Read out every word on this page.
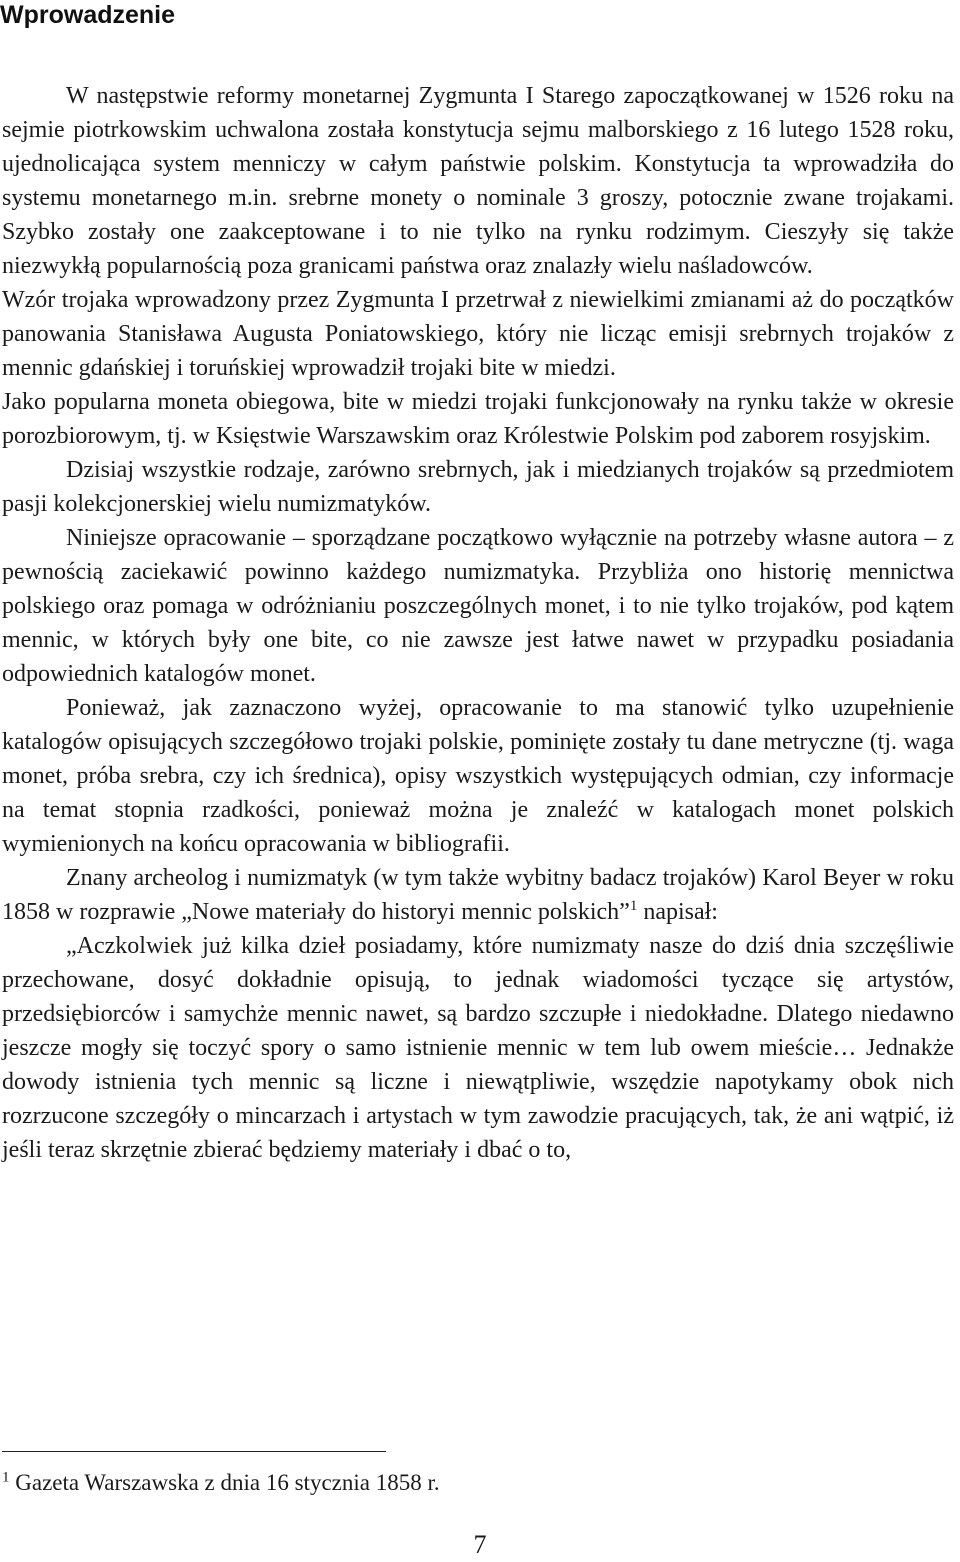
Wprowadzenie

W następstwie reformy monetarnej Zygmunta I Starego zapoczątkowanej w 1526 roku na sejmie piotrkowskim uchwalona została konstytucja sejmu malborskiego z 16 lutego 1528 roku, ujednolicająca system menniczy w całym państwie polskim. Konstytucja ta wprowadziła do systemu monetarnego m.in. srebrne monety o nominale 3 groszy, potocznie zwane trojakami. Szybko zostały one zaakceptowane i to nie tylko na rynku rodzimym. Cieszyły się także niezwykłą popularnością poza granicami państwa oraz znalazły wielu naśladowców.

Wzór trojaka wprowadzony przez Zygmunta I przetrwał z niewielkimi zmianami aż do początków panowania Stanisława Augusta Poniatowskiego, który nie licząc emisji srebrnych trojaków z mennic gdańskiej i toruńskiej wprowadził trojaki bite w miedzi.

Jako popularna moneta obiegowa, bite w miedzi trojaki funkcjonowały na rynku także w okresie porozbiorowym, tj. w Księstwie Warszawskim oraz Królestwie Polskim pod zaborem rosyjskim.

Dzisiaj wszystkie rodzaje, zarówno srebrnych, jak i miedzianych trojaków są przedmiotem pasji kolekcjonerskiej wielu numizmatyków.

Niniejsze opracowanie – sporządzane początkowo wyłącznie na potrzeby własne autora – z pewnością zaciekawić powinno każdego numizmatyka. Przybliża ono historię mennictwa polskiego oraz pomaga w odróżnianiu poszczególnych monet, i to nie tylko trojaków, pod kątem mennic, w których były one bite, co nie zawsze jest łatwe nawet w przypadku posiadania odpowiednich katalogów monet.

Ponieważ, jak zaznaczono wyżej, opracowanie to ma stanowić tylko uzupełnienie katalogów opisujących szczegółowo trojaki polskie, pominięte zostały tu dane metryczne (tj. waga monet, próba srebra, czy ich średnica), opisy wszystkich występujących odmian, czy informacje na temat stopnia rzadkości, ponieważ można je znaleźć w katalogach monet polskich wymienionych na końcu opracowania w bibliografii.

Znany archeolog i numizmatyk (w tym także wybitny badacz trojaków) Karol Beyer w roku 1858 w rozprawie „Nowe materiały do historyi mennic polskich”$^1$ napisał:

„Aczkolwiek już kilka dzieł posiadamy, które numizmaty nasze do dziś dnia szczęśliwie przechowane, dosyć dokładnie opisują, to jednak wiadomości tyczące się artystów, przedsiębiorców i samychże mennic nawet, są bardzo szczupłe i niedokładne. Dlatego niedawno jeszcze mogły się toczyć spory o samo istnienie mennic w tem lub owem mieście… Jednakże dowody istnienia tych mennic są liczne i niewątpliwie, wszędzie napotykamy obok nich rozrzucone szczegóły o mincarzach i artystach w tym zawodzie pracujących, tak, że ani wątpić, iż jeśli teraz skrzętnie zbierać będziemy materiały i dbać o to,

$^1$ Gazeta Warszawska z dnia 16 stycznia 1858 r.
7
